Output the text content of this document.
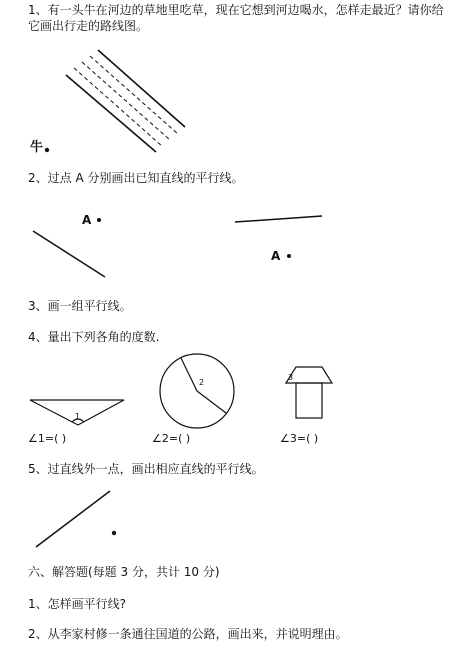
1、有一头牛在河边的草地里吃草，现在它想到河边喝水，怎样走最近？请你给
它画出行走的路线图。
牛
2、过点 A 分别画出已知直线的平行线。
A
A
3、画一组平行线。
4、量出下列各角的度数.
1
2
3
∠1=( )	∠2=( )	∠3=( )
5、过直线外一点，画出相应直线的平行线。
六、解答题(每题 3 分，共计 10 分)
1、怎样画平行线?
2、从李家村修一条通往国道的公路，画出来，并说明理由。
